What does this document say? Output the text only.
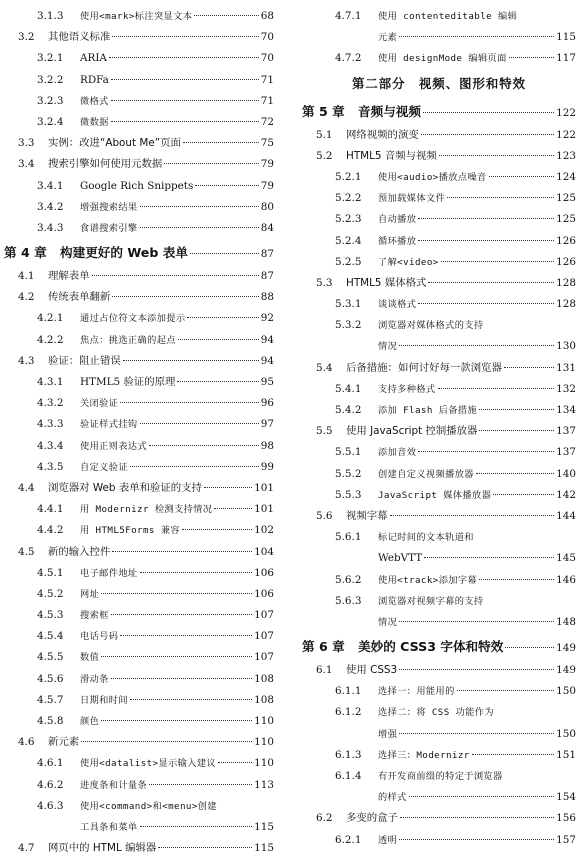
3.1.3 使用<mark>标注突显文本	68
3.2 其他语义标准	70
3.2.1 ARIA	70
3.2.2 RDFa	71
3.2.3 微格式	71
3.2.4 微数据	72
3.3 实例：改进“About Me”页面	75
3.4 搜索引擎如何使用元数据	79
3.4.1 Google Rich Snippets	79
3.4.2 增强搜索结果	80
3.4.3 食谱搜索引擎	84
第 4 章 构建更好的 Web 表单	87
4.1 理解表单	87
4.2 传统表单翻新	88
4.2.1 通过占位符文本添加提示	92
4.2.2 焦点：挑选正确的起点	94
4.3 验证：阻止错误	94
4.3.1 HTML5 验证的原理	95
4.3.2 关闭验证	96
4.3.3 验证样式挂钩	97
4.3.4 使用正则表达式	98
4.3.5 自定义验证	99
4.4 浏览器对 Web 表单和验证的支持	101
4.4.1 用 Modernizr 检测支持情况	101
4.4.2 用 HTML5Forms 兼容	102
4.5 新的输入控件	104
4.5.1 电子邮件地址	106
4.5.2 网址	106
4.5.3 搜索框	107
4.5.4 电话号码	107
4.5.5 数值	107
4.5.6 滑动条	108
4.5.7 日期和时间	108
4.5.8 颜色	110
4.6 新元素	110
4.6.1 使用<datalist>显示输入建议	110
4.6.2 进度条和计量条	113
4.6.3 使用<command>和<menu>创建
工具条和菜单	115
4.7 网页中的 HTML 编辑器	115
4.7.1 使用 contenteditable 编辑
元素	115
4.7.2 使用 designMode 编辑页面	117
第二部分　视频、图形和特效
第 5 章 音频与视频	122
5.1 网络视频的演变	122
5.2 HTML5 音频与视频	123
5.2.1 使用<audio>播放点噪音	124
5.2.2 预加载媒体文件	125
5.2.3 自动播放	125
5.2.4 循环播放	126
5.2.5 了解<video>	126
5.3 HTML5 媒体格式	128
5.3.1 谈谈格式	128
5.3.2 浏览器对媒体格式的支持
情况	130
5.4 后备措施：如何讨好每一款浏览器	131
5.4.1 支持多种格式	132
5.4.2 添加 Flash 后备措施	134
5.5 使用 JavaScript 控制播放器	137
5.5.1 添加音效	137
5.5.2 创建自定义视频播放器	140
5.5.3 JavaScript 媒体播放器	142
5.6 视频字幕	144
5.6.1 标记时间的文本轨道和
WebVTT	145
5.6.2 使用<track>添加字幕	146
5.6.3 浏览器对视频字幕的支持
情况	148
第 6 章 美妙的 CSS3 字体和特效	149
6.1 使用 CSS3	149
6.1.1 选择一：用能用的	150
6.1.2 选择二：将 CSS 功能作为
增强	150
6.1.3 选择三：Modernizr	151
6.1.4 有开发商前缀的特定于浏览器
的样式	154
6.2 多变的盒子	156
6.2.1 透明	157
